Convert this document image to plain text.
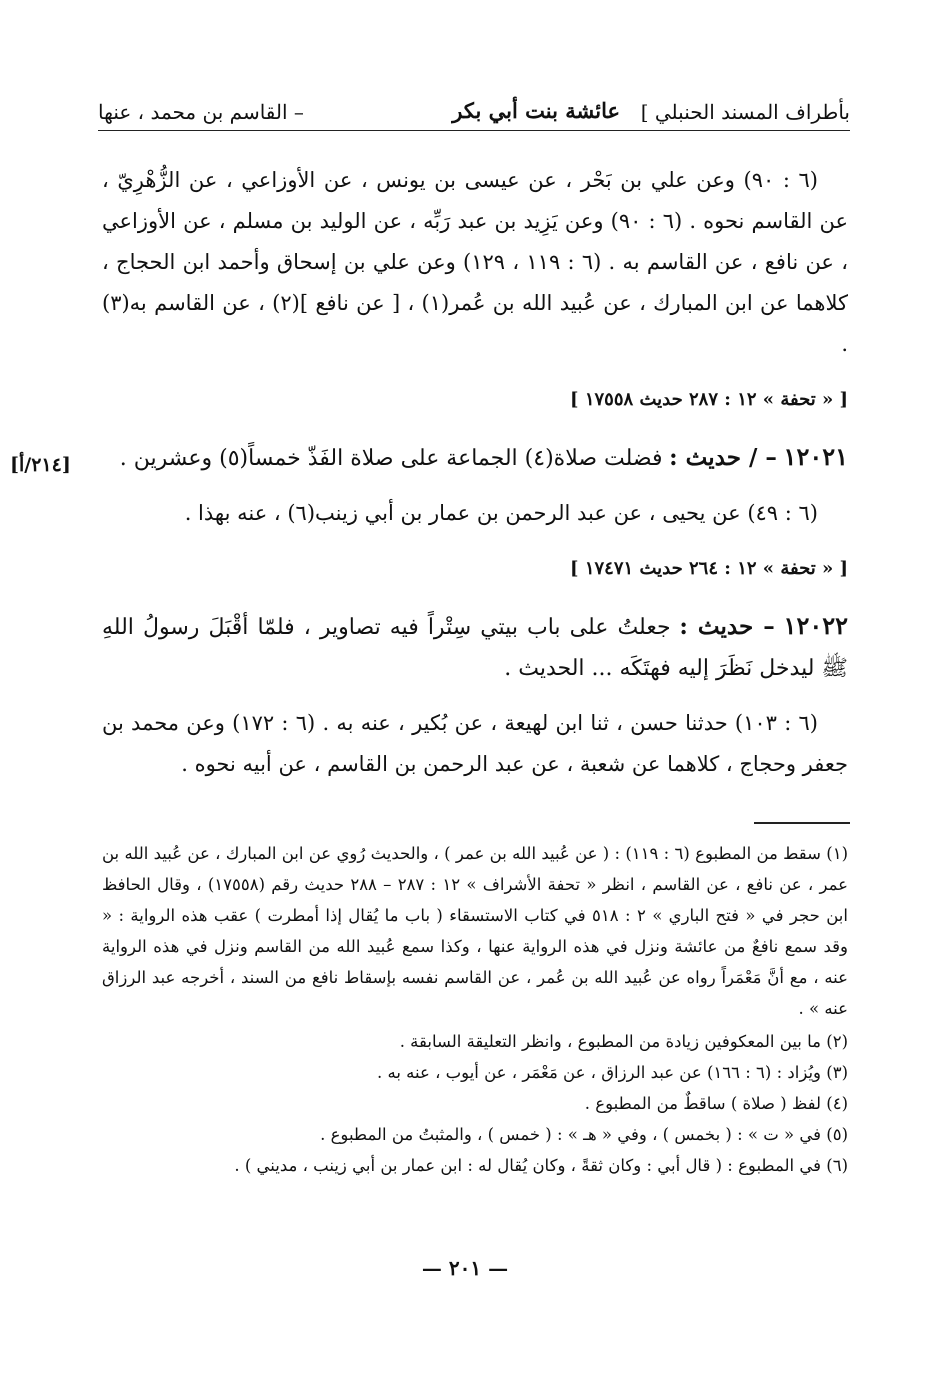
بأطراف المسند الحنبلي ]
عائشة بنت أبي بكر
– القاسم بن محمد ، عنها
[٢١٤/أ]

(٦ : ٩٠) وعن علي بن بَحْر ، عن عيسى بن يونس ، عن الأوزاعي ، عن الزُّهْرِيّ ، عن القاسم نحوه . (٦ : ٩٠) وعن يَزِيد بن عبد رَبِّه ، عن الوليد بن مسلم ، عن الأوزاعي ، عن نافع ، عن القاسم به . (٦ : ١١٩ ، ١٢٩) وعن علي بن إسحاق وأحمد ابن الحجاج ، كلاهما عن ابن المبارك ، عن عُبيد الله بن عُمر(١) ، [ عن نافع ](٢) ، عن القاسم به(٣) .

[ « تحفة » ١٢ : ٢٨٧ حديث ١٧٥٥٨ ]

١٢٠٢١ – / حديث : فضلت صلاة(٤) الجماعة على صلاة الفَذّ خمساً(٥) وعشرين .

(٦ : ٤٩) عن يحيى ، عن عبد الرحمن بن عمار بن أبي زينب(٦) ، عنه بهذا .

[ « تحفة » ١٢ : ٢٦٤ حديث ١٧٤٧١ ]

١٢٠٢٢ – حديث : جعلتُ على باب بيتي سِتْراً فيه تصاوير ، فلمّا أقْبَلَ رسولُ اللهِ ﷺ ليدخل نَظَرَ إليه فهتَكَه ... الحديث .

(٦ : ١٠٣) حدثنا حسن ، ثنا ابن لهيعة ، عن بُكير ، عنه به . (٦ : ١٧٢) وعن محمد بن جعفر وحجاج ، كلاهما عن شعبة ، عن عبد الرحمن بن القاسم ، عن أبيه نحوه .

(١) سقط من المطبوع (٦ : ١١٩) : ( عن عُبيد الله بن عمر ) ، والحديث رُوي عن ابن المبارك ، عن عُبيد الله بن عمر ، عن نافع ، عن القاسم ، انظر « تحفة الأشراف » ١٢ : ٢٨٧ – ٢٨٨ حديث رقم (١٧٥٥٨) ، وقال الحافظ ابن حجر في « فتح الباري » ٢ : ٥١٨ في كتاب الاستسقاء ( باب ما يُقال إذا أمطرت ) عقب هذه الرواية : « وقد سمع نافعٌ من عائشة ونزل في هذه الرواية عنها ، وكذا سمع عُبيد الله من القاسم ونزل في هذه الرواية عنه ، مع أنَّ مَعْمَراً رواه عن عُبيد الله بن عُمر ، عن القاسم نفسه بإسقاط نافع من السند ، أخرجه عبد الرزاق عنه » .

(٢) ما بين المعكوفين زيادة من المطبوع ، وانظر التعليقة السابقة .

(٣) ويُزاد : (٦ : ١٦٦) عن عبد الرزاق ، عن مَعْمَر ، عن أيوب ، عنه به .

(٤) لفظ ( صلاة ) ساقطٌ من المطبوع .

(٥) في « ت » : ( بخمس ) ، وفي « هـ » : ( خمس ) ، والمثبتُ من المطبوع .

(٦) في المطبوع : ( قال أبي : وكان ثقةً ، وكان يُقال له : ابن عمار بن أبي زينب ، مديني ) .

— ٢٠١ —
